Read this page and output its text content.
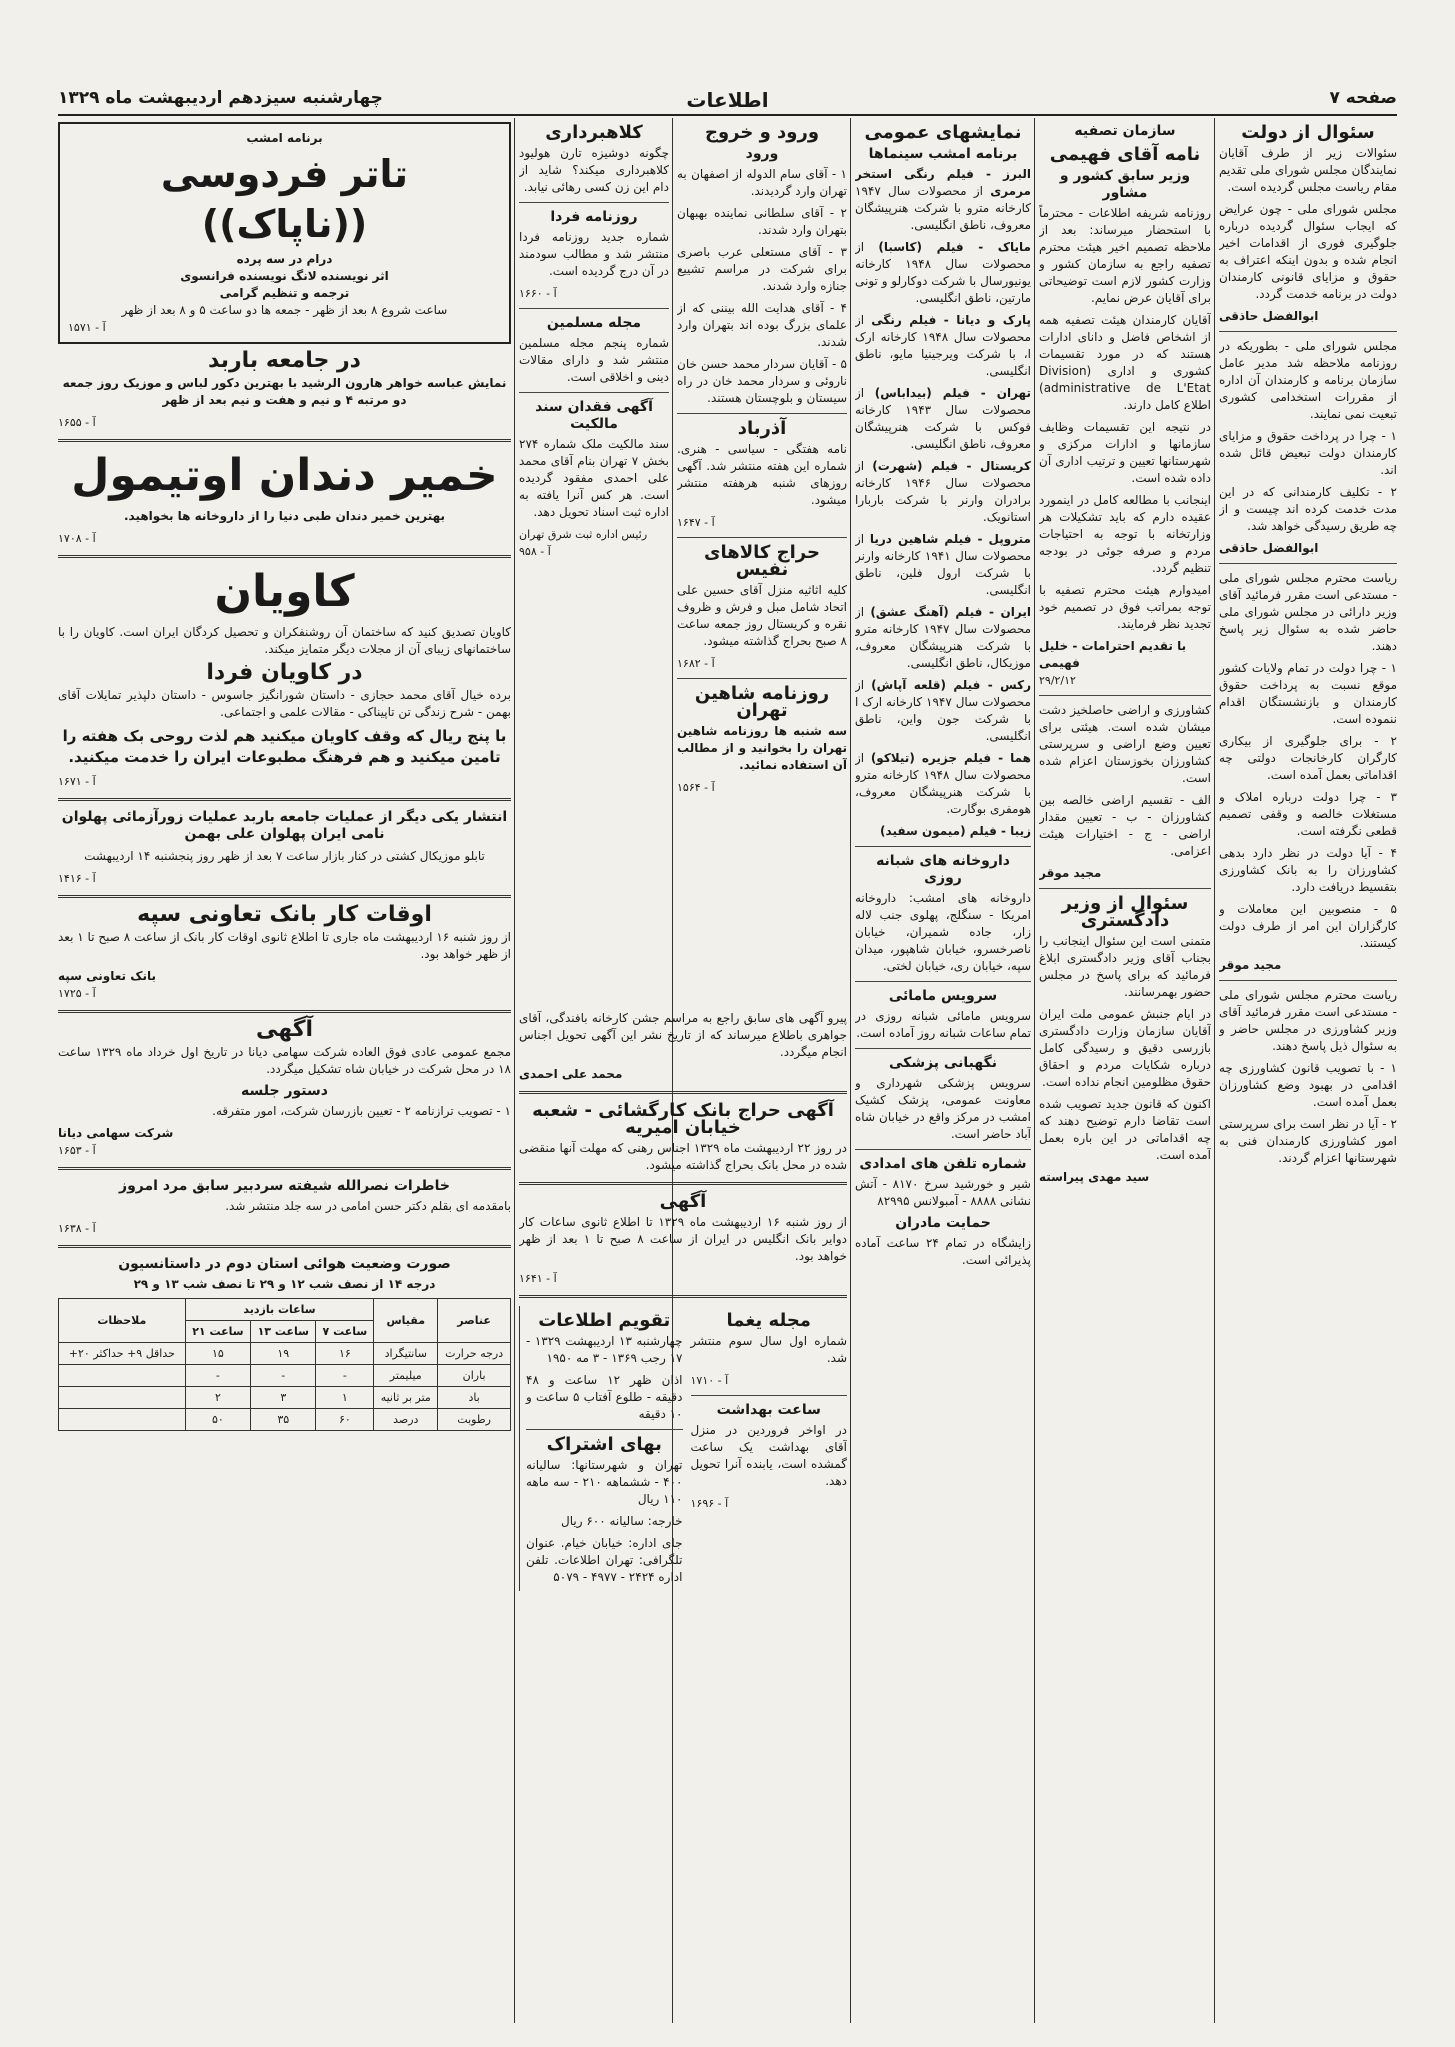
صفحه ۷
اطلاعات
چهارشنبه سیزدهم اردیبهشت ماه ۱۳۲۹
سئوال از دولت

سئوالات زیر از طرف آقایان نمایندگان مجلس شورای ملی تقدیم مقام ریاست مجلس گردیده است.

مجلس شورای ملی - چون عرایض که ایجاب سئوال گردیده درباره جلوگیری فوری از اقدامات اخیر انجام شده و بدون اینکه اعتراف به حقوق و مزایای قانونی کارمندان دولت در برنامه خدمت گردد.

ابوالفضل حاذقی

مجلس شورای ملی - بطوریکه در روزنامه ملاحظه شد مدیر عامل سازمان برنامه و کارمندان آن اداره از مقررات استخدامی کشوری تبعیت نمی نمایند.

۱ - چرا در پرداخت حقوق و مزایای کارمندان دولت تبعیض قائل شده اند.

۲ - تکلیف کارمندانی که در این مدت خدمت کرده اند چیست و از چه طریق رسیدگی خواهد شد.

ابوالفضل حاذقی

ریاست محترم مجلس شورای ملی - مستدعی است مقرر فرمائید آقای وزیر دارائی در مجلس شورای ملی حاضر شده به سئوال زیر پاسخ دهند.

۱ - چرا دولت در تمام ولایات کشور موقع نسبت به پرداخت حقوق کارمندان و بازنشستگان اقدام ننموده است.

۲ - برای جلوگیری از بیکاری کارگران کارخانجات دولتی چه اقداماتی بعمل آمده است.

۳ - چرا دولت درباره املاک و مستغلات خالصه و وقفی تصمیم قطعی نگرفته است.

۴ - آیا دولت در نظر دارد بدهی کشاورزان را به بانک کشاورزی بتقسیط دریافت دارد.

۵ - منصوبین این معاملات و کارگزاران این امر از طرف دولت کیستند.

مجید موقر

ریاست محترم مجلس شورای ملی - مستدعی است مقرر فرمائید آقای وزیر کشاورزی در مجلس حاضر و به سئوال ذیل پاسخ دهند.

۱ - با تصویب قانون کشاورزی چه اقدامی در بهبود وضع کشاورزان بعمل آمده است.

۲ - آیا در نظر است برای سرپرستی امور کشاورزی کارمندان فنی به شهرستانها اعزام گردند.

سازمان تصفیه
نامه آقای فهیمی
وزیر سابق کشور و مشاور

روزنامه شریفه اطلاعات - محترماً با استحضار میرساند: بعد از ملاحظه تصمیم اخیر هیئت محترم تصفیه راجع به سازمان کشور و وزارت کشور لازم است توضیحاتی برای آقایان عرض نمایم.

آقایان کارمندان هیئت تصفیه همه از اشخاص فاضل و دانای ادارات هستند که در مورد تقسیمات کشوری و اداری (Division administrative de L'Etat) اطلاع کامل دارند.

در نتیجه این تقسیمات وظایف سازمانها و ادارات مرکزی و شهرستانها تعیین و ترتیب اداری آن داده شده است.

اینجانب با مطالعه کامل در اینمورد عقیده دارم که باید تشکیلات هر وزارتخانه با توجه به احتیاجات مردم و صرفه جوئی در بودجه تنظیم گردد.

امیدوارم هیئت محترم تصفیه با توجه بمراتب فوق در تصمیم خود تجدید نظر فرمایند.

با تقدیم احترامات - خلیل فهیمی
۲۹/۲/۱۲

کشاورزی و اراضی حاصلخیز دشت میشان شده است. هیئتی برای تعیین وضع اراضی و سرپرستی کشاورزان بخوزستان اعزام شده است.

الف - تقسیم اراضی خالصه بین کشاورزان - ب - تعیین مقدار اراضی - ج - اختیارات هیئت اعزامی.

مجید موقر
سئوال از وزیر دادگستری

متمنی است این سئوال اینجانب را بجناب آقای وزیر دادگستری ابلاغ فرمائید که برای پاسخ در مجلس حضور بهمرسانند.

در ایام جنبش عمومی ملت ایران آقایان سازمان وزارت دادگستری بازرسی دقیق و رسیدگی کامل درباره شکایات مردم و احقاق حقوق مظلومین انجام نداده است.

اکنون که قانون جدید تصویب شده است تقاضا دارم توضیح دهند که چه اقداماتی در این باره بعمل آمده است.

سید مهدی پیراسته
نمایشهای عمومی
برنامه امشب سینماها

البرز - فیلم رنگی استخر مرمری از محصولات سال ۱۹۴۷ کارخانه مترو با شرکت هنرپیشگان معروف، ناطق انگلیسی.

مایاک - فیلم (کاسبا) از محصولات سال ۱۹۴۸ کارخانه یونیورسال با شرکت دوکارلو و تونی مارتین، ناطق انگلیسی.

پارک و دیانا - فیلم رنگی از محصولات سال ۱۹۴۸ کارخانه ارک ا، با شرکت ویرجینیا مایو، ناطق انگلیسی.

تهران - فیلم (بیداباس) از محصولات سال ۱۹۴۳ کارخانه فوکس با شرکت هنرپیشگان معروف، ناطق انگلیسی.

کریستال - فیلم (شهرت) از محصولات سال ۱۹۴۶ کارخانه برادران وارنر با شرکت باربارا استانویک.

متروپل - فیلم شاهین دریا از محصولات سال ۱۹۴۱ کارخانه وارنر با شرکت ارول فلین، ناطق انگلیسی.

ایران - فیلم (آهنگ عشق) از محصولات سال ۱۹۴۷ کارخانه مترو با شرکت هنرپیشگان معروف، موزیکال، ناطق انگلیسی.

رکس - فیلم (قلعه آپاش) از محصولات سال ۱۹۴۷ کارخانه ارک ا با شرکت جون واین، ناطق انگلیسی.

هما - فیلم جزیره (تیلاکو) از محصولات سال ۱۹۴۸ کارخانه مترو با شرکت هنرپیشگان معروف، هومفری بوگارت.

زیبا - فیلم (میمون سفید)

داروخانه های شبانه روزی

داروخانه های امشب: داروخانه امریکا - سنگلج، پهلوی جنب لاله زار، جاده شمیران، خیابان ناصرخسرو، خیابان شاهپور، میدان سپه، خیابان ری، خیابان لختی.

سرویس مامائی

سرویس مامائی شبانه روزی در تمام ساعات شبانه روز آماده است.

نگهبانی پزشکی

سرویس پزشکی شهرداری و معاونت عمومی، پزشک کشیک امشب در مرکز واقع در خیابان شاه آباد حاضر است.

شماره تلفن های امدادی

شیر و خورشید سرخ ۸۱۷۰ - آتش نشانی ۸۸۸۸ - آمبولانس ۸۲۹۹۵

حمایت مادران

زایشگاه در تمام ۲۴ ساعت آماده پذیرائی است.

ورود و خروج
ورود

۱ - آقای سام الدوله از اصفهان به تهران وارد گردیدند.

۲ - آقای سلطانی نماینده بهبهان بتهران وارد شدند.

۳ - آقای مستعلی عرب باصری برای شرکت در مراسم تشییع جنازه وارد شدند.

۴ - آقای هدایت الله بیننی که از علمای بزرگ بوده اند بتهران وارد شدند.

۵ - آقایان سردار محمد حسن خان ناروئی و سردار محمد خان در راه سیستان و بلوچستان هستند.

آذرباد

نامه هفتگی - سیاسی - هنری. شماره این هفته منتشر شد. آگهی روزهای شنبه هرهفته منتشر میشود.

آ - ۱۶۴۷
حراج کالاهای نفیس

کلیه اثاثیه منزل آقای حسین علی اتحاد شامل مبل و فرش و ظروف نقره و کریستال روز جمعه ساعت ۸ صبح بحراج گذاشته میشود.

آ - ۱۶۸۲
روزنامه شاهین تهران

سه شنبه ها روزنامه شاهین تهران را بخوانید و از مطالب آن استفاده نمائید.

آ - ۱۵۶۴
کلاهبرداری

چگونه دوشیزه تارن هولیود کلاهبرداری میکند؟ شاید از دام این زن کسی رهائی نیابد.

روزنامه فردا

شماره جدید روزنامه فردا منتشر شد و مطالب سودمند در آن درج گردیده است.

آ - ۱۶۶۰
مجله مسلمین

شماره پنجم مجله مسلمین منتشر شد و دارای مقالات دینی و اخلاقی است.

آگهی فقدان سند مالکیت

سند مالکیت ملک شماره ۲۷۴ بخش ۷ تهران بنام آقای محمد علی احمدی مفقود گردیده است. هر کس آنرا یافته به اداره ثبت اسناد تحویل دهد.

رئیس اداره ثبت شرق تهران
آ - ۹۵۸

پیرو آگهی های سابق راجع به مراسم جشن کارخانه بافندگی، آقای جواهری باطلاع میرساند که از تاریخ نشر این آگهی تحویل اجناس انجام میگردد.

محمد علی احمدی
آگهی حراج بانک کارگشائی - شعبه خیابان امیریه

در روز ۲۲ اردیبهشت ماه ۱۳۲۹ اجناس رهنی که مهلت آنها منقضی شده در محل بانک بحراج گذاشته میشود.

آگهی

از روز شنبه ۱۶ اردیبهشت ماه ۱۳۲۹ تا اطلاع ثانوی ساعات کار دوایر بانک انگلیس در ایران از ساعت ۸ صبح تا ۱ بعد از ظهر خواهد بود.

آ - ۱۶۴۱
مجله یغما

شماره اول سال سوم منتشر شد.

آ - ۱۷۱۰
ساعت بهداشت

در اواخر فروردین در منزل آقای بهداشت یک ساعت گمشده است، یابنده آنرا تحویل دهد.

آ - ۱۶۹۶
تقویم اطلاعات

چهارشنبه ۱۳ اردیبهشت ۱۳۲۹ - ۱۷ رجب ۱۳۶۹ - ۳ مه ۱۹۵۰

اذان ظهر ۱۲ ساعت و ۴۸ دقیقه - طلوع آفتاب ۵ ساعت و ۱۰ دقیقه

بهای اشتراک

تهران و شهرستانها: سالیانه ۴۰۰ - ششماهه ۲۱۰ - سه ماهه ۱۱۰ ریال

خارجه: سالیانه ۶۰۰ ریال

جای اداره: خیابان خیام. عنوان تلگرافی: تهران اطلاعات. تلفن اداره ۲۴۲۴ - ۴۹۷۷ - ۵۰۷۹

برنامه امشب
تاتر فردوسی
((ناپاک))
درام در سه پرده
اثر نویسنده لانگ نویسنده فرانسوی
ترجمه و تنظیم گرامی
ساعت شروع ۸ بعد از ظهر - جمعه ها دو ساعت ۵ و ۸ بعد از ظهر
آ - ۱۵۷۱
در جامعه باربد

نمایش عباسه خواهر هارون الرشید با بهترین دکور لباس و موزیک روز جمعه دو مرتبه ۴ و نیم و هفت و نیم بعد از ظهر

آ - ۱۶۵۵
خمیر دندان اوتیمول

بهترین خمیر دندان طبی دنیا را از داروخانه ها بخواهید.

آ - ۱۷۰۸
کاویان

کاویان تصدیق کنید که ساختمان آن روشنفکران و تحصیل کردگان ایران است. کاویان را با ساختمانهای زیبای آن از مجلات دیگر متمایز میکند.

در کاویان فردا

برده خیال آقای محمد حجازی - داستان شورانگیز جاسوس - داستان دلپذیر تمایلات آقای بهمن - شرح زندگی تن تاپیناکی - مقالات علمی و اجتماعی.

با پنج ریال که وقف کاویان میکنید هم لذت روحی بک هفته را تامین میکنید و هم فرهنگ مطبوعات ایران را خدمت میکنید.

آ - ۱۶۷۱

انتشار یکی دیگر از عملیات جامعه باربد عملیات زورآزمائی پهلوان نامی ایران پهلوان علی بهمن

تابلو موزیکال کشتی در کنار بازار ساعت ۷ بعد از ظهر روز پنجشنبه ۱۴ اردیبهشت

آ - ۱۴۱۶
اوقات کار بانک تعاونی سپه

از روز شنبه ۱۶ اردیبهشت ماه جاری تا اطلاع ثانوی اوقات کار بانک از ساعت ۸ صبح تا ۱ بعد از ظهر خواهد بود.

بانک تعاونی سپه
آ - ۱۷۲۵
آگهی

مجمع عمومی عادی فوق العاده شرکت سهامی دیانا در تاریخ اول خرداد ماه ۱۳۲۹ ساعت ۱۸ در محل شرکت در خیابان شاه تشکیل میگردد.

دستور جلسه

۱ - تصویب ترازنامه ۲ - تعیین بازرسان شرکت، امور متفرقه.

شرکت سهامی دیانا
آ - ۱۶۵۳
خاطرات نصرالله شیفته سردبیر سابق مرد امروز

بامقدمه ای بقلم دکتر حسن امامی در سه جلد منتشر شد.

آ - ۱۶۳۸
صورت وضعیت هوائی استان دوم در داستانسیون

درجه ۱۴ از نصف شب ۱۲ و ۲۹ تا نصف شب ۱۳ و ۲۹

عناصر	مقیاس	ساعات بازدید			ملاحظات
		ساعت ۷	ساعت ۱۳	ساعت ۲۱	
درجه حرارت	سانتیگراد	۱۶	۱۹	۱۵	حداقل ۹+ حداکثر ۲۰+
باران	میلیمتر	-	-	-	
باد	متر بر ثانیه	۱	۳	۲	
رطوبت	درصد	۶۰	۳۵	۵۰	
